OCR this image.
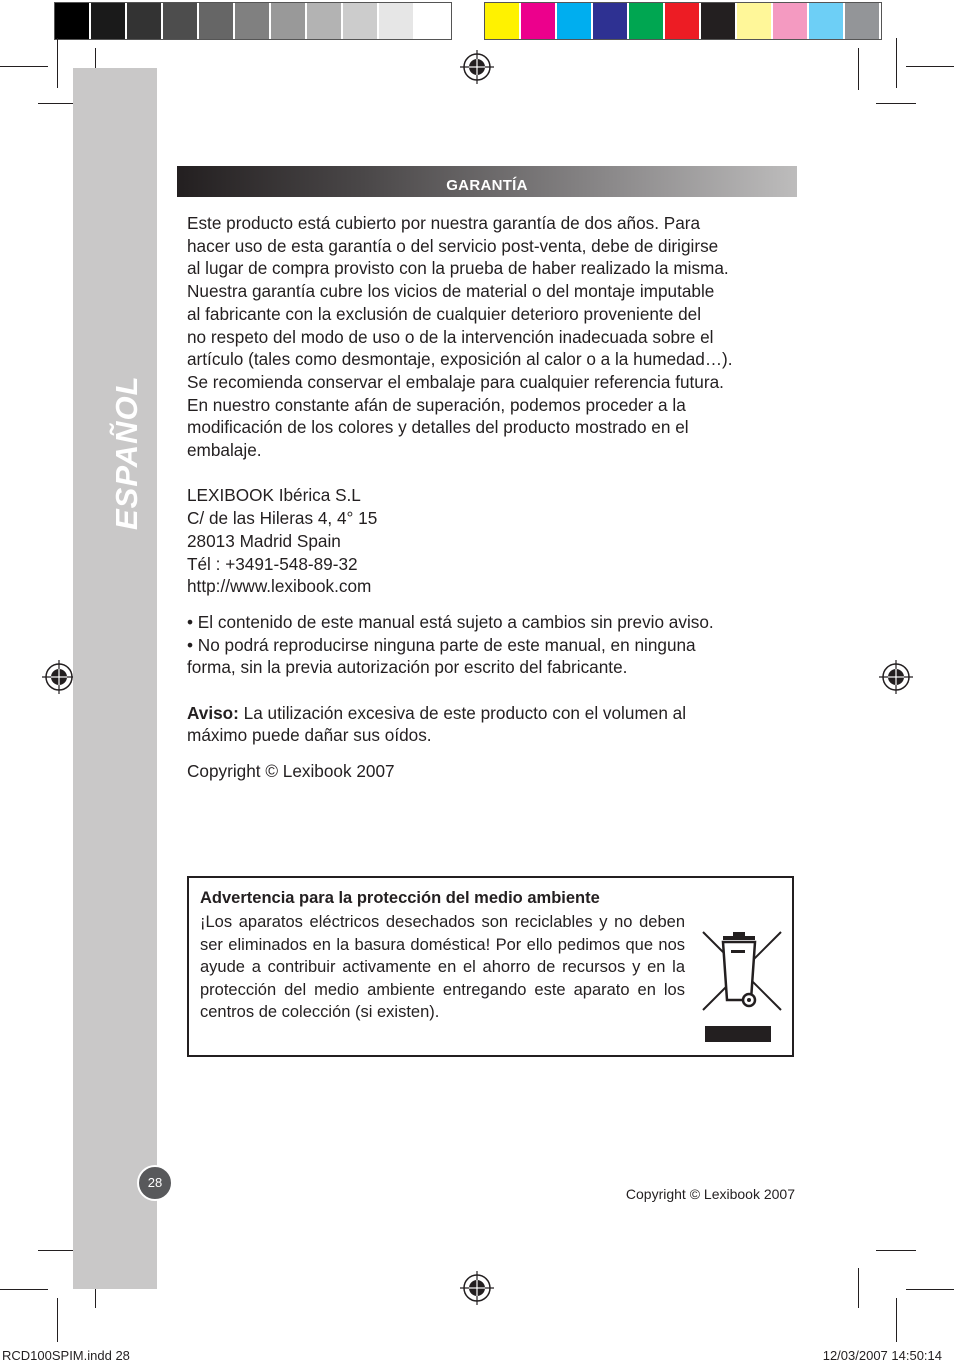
ESPAÑOL
GARANTÍA

Este producto está cubierto por nuestra garantía de dos años. Para

hacer uso de esta garantía o del servicio post-venta, debe de dirigirse

al lugar de compra provisto con la prueba de haber realizado la misma.

Nuestra garantía cubre los vicios de material o del montaje imputable

al fabricante con la exclusión de cualquier deterioro proveniente del

no respeto del modo de uso o de la intervención inadecuada sobre el

artículo (tales como desmontaje, exposición al calor o a la humedad…).

Se recomienda conservar el embalaje para cualquier referencia futura.

En nuestro constante afán de superación, podemos proceder a la

modificación de los colores y detalles del producto mostrado en el

embalaje.

LEXIBOOK Ibérica S.L

C/ de las Hileras 4, 4° 15

28013 Madrid Spain

Tél : +3491-548-89-32

http://www.lexibook.com

• El contenido de este manual está sujeto a cambios sin previo aviso.

• No podrá reproducirse ninguna parte de este manual, en ninguna

forma, sin la previa autorización por escrito del fabricante.

Aviso: La utilización excesiva de este producto con el volumen al

máximo puede dañar sus oídos.

Copyright © Lexibook 2007

Advertencia para la protección del medio ambiente
¡Los aparatos eléctricos desechados son reciclables y no deben ser eliminados en la basura doméstica! Por ello pedimos que nos ayude a contribuir activamente en el ahorro de recursos y en la protección del medio ambiente entregando este aparato en los centros de colección (si existen).
28
Copyright © Lexibook 2007
RCD100SPIM.indd 28	12/03/2007 14:50:14
